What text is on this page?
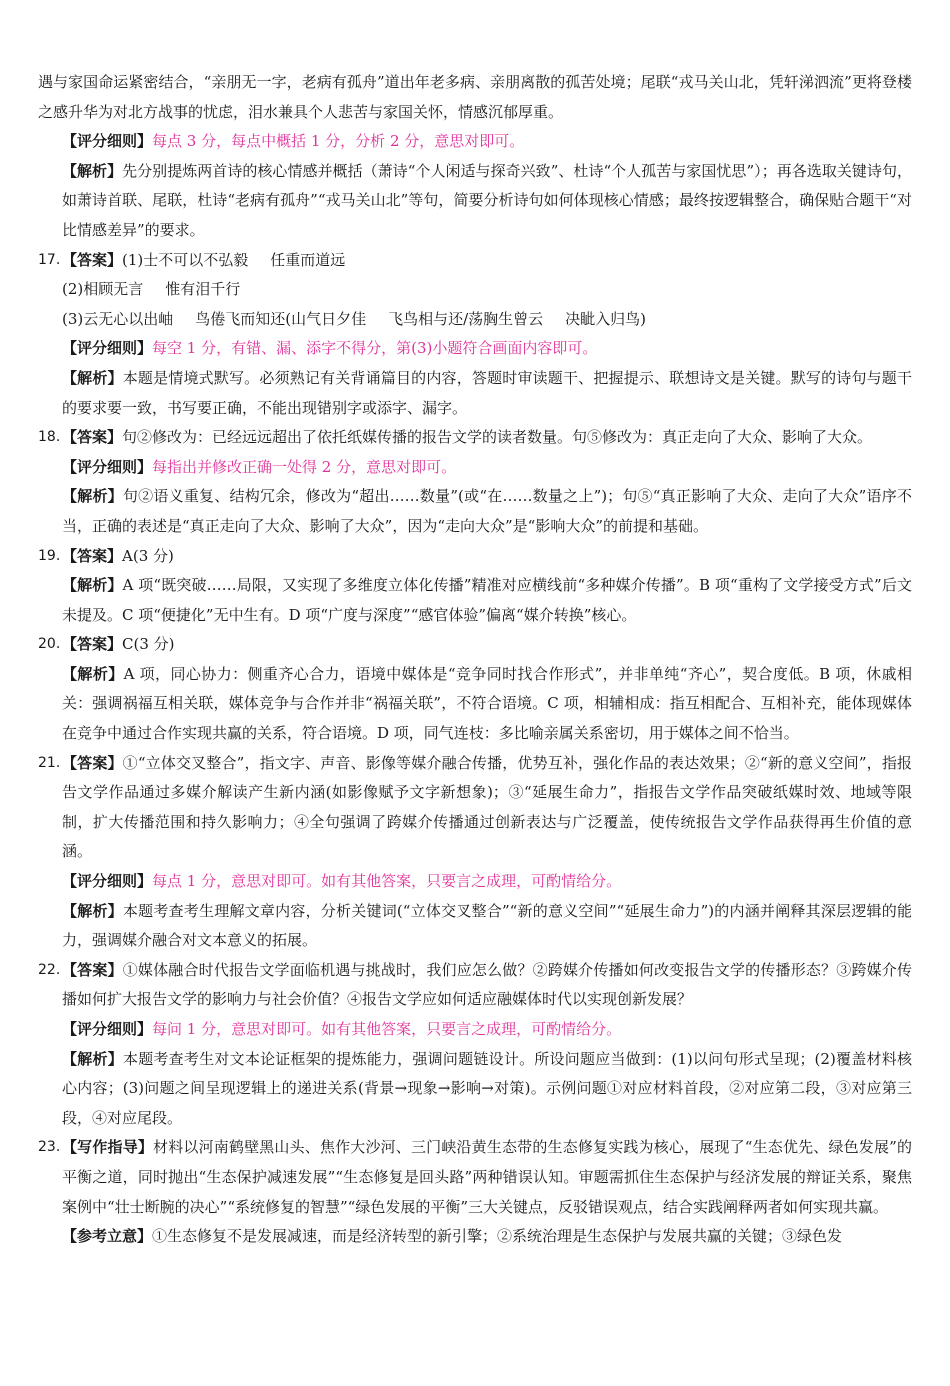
遇与家国命运紧密结合，“亲朋无一字，老病有孤舟”道出年老多病、亲朋离散的孤苦处境；尾联“戎马关山北，凭轩涕泗流”更将登楼之感升华为对北方战事的忧虑，泪水兼具个人悲苦与家国关怀，情感沉郁厚重。

【评分细则】每点 3 分，每点中概括 1 分，分析 2 分，意思对即可。

【解析】先分别提炼两首诗的核心情感并概括（萧诗“个人闲适与探奇兴致”、杜诗“个人孤苦与家国忧思”）；再各选取关键诗句，如萧诗首联、尾联，杜诗“老病有孤舟”“戎马关山北”等句，简要分析诗句如何体现核心情感；最终按逻辑整合，确保贴合题干“对比情感差异”的要求。

17. 【答案】(1)士不可以不弘毅 任重而道远

(2)相顾无言 惟有泪千行

(3)云无心以出岫 鸟倦飞而知还(山气日夕佳 飞鸟相与还/荡胸生曾云 决眦入归鸟)

【评分细则】每空 1 分，有错、漏、添字不得分，第(3)小题符合画面内容即可。

【解析】本题是情境式默写。必须熟记有关背诵篇目的内容，答题时审读题干、把握提示、联想诗文是关键。默写的诗句与题干的要求要一致，书写要正确，不能出现错别字或添字、漏字。

18. 【答案】句②修改为：已经远远超出了依托纸媒传播的报告文学的读者数量。句⑤修改为：真正走向了大众、影响了大众。

【评分细则】每指出并修改正确一处得 2 分，意思对即可。

【解析】句②语义重复、结构冗余，修改为“超出……数量”(或“在……数量之上”)；句⑤“真正影响了大众、走向了大众”语序不当，正确的表述是“真正走向了大众、影响了大众”，因为“走向大众”是“影响大众”的前提和基础。

19. 【答案】A(3 分)

【解析】A 项“既突破……局限，又实现了多维度立体化传播”精准对应横线前“多种媒介传播”。B 项“重构了文学接受方式”后文未提及。C 项“便捷化”无中生有。D 项“广度与深度”“感官体验”偏离“媒介转换”核心。

20. 【答案】C(3 分)

【解析】A 项，同心协力：侧重齐心合力，语境中媒体是“竞争同时找合作形式”，并非单纯“齐心”，契合度低。B 项，休戚相关：强调祸福互相关联，媒体竞争与合作并非“祸福关联”，不符合语境。C 项，相辅相成：指互相配合、互相补充，能体现媒体在竞争中通过合作实现共赢的关系，符合语境。D 项，同气连枝：多比喻亲属关系密切，用于媒体之间不恰当。

21. 【答案】①“立体交叉整合”，指文字、声音、影像等媒介融合传播，优势互补，强化作品的表达效果；②“新的意义空间”，指报告文学作品通过多媒介解读产生新内涵(如影像赋予文字新想象)；③“延展生命力”，指报告文学作品突破纸媒时效、地域等限制，扩大传播范围和持久影响力；④全句强调了跨媒介传播通过创新表达与广泛覆盖，使传统报告文学作品获得再生价值的意涵。

【评分细则】每点 1 分，意思对即可。如有其他答案，只要言之成理，可酌情给分。

【解析】本题考查考生理解文章内容，分析关键词(“立体交叉整合”“新的意义空间”“延展生命力”)的内涵并阐释其深层逻辑的能力，强调媒介融合对文本意义的拓展。

22. 【答案】①媒体融合时代报告文学面临机遇与挑战时，我们应怎么做？②跨媒介传播如何改变报告文学的传播形态？③跨媒介传播如何扩大报告文学的影响力与社会价值？④报告文学应如何适应融媒体时代以实现创新发展？

【评分细则】每问 1 分，意思对即可。如有其他答案，只要言之成理，可酌情给分。

【解析】本题考查考生对文本论证框架的提炼能力，强调问题链设计。所设问题应当做到：(1)以问句形式呈现；(2)覆盖材料核心内容；(3)问题之间呈现逻辑上的递进关系(背景→现象→影响→对策)。示例问题①对应材料首段，②对应第二段，③对应第三段，④对应尾段。

23. 【写作指导】材料以河南鹤壁黑山头、焦作大沙河、三门峡沿黄生态带的生态修复实践为核心，展现了“生态优先、绿色发展”的平衡之道，同时抛出“生态保护减速发展”“生态修复是回头路”两种错误认知。审题需抓住生态保护与经济发展的辩证关系，聚焦案例中“壮士断腕的决心”“系统修复的智慧”“绿色发展的平衡”三大关键点，反驳错误观点，结合实践阐释两者如何实现共赢。

【参考立意】①生态修复不是发展减速，而是经济转型的新引擎；②系统治理是生态保护与发展共赢的关键；③绿色发
